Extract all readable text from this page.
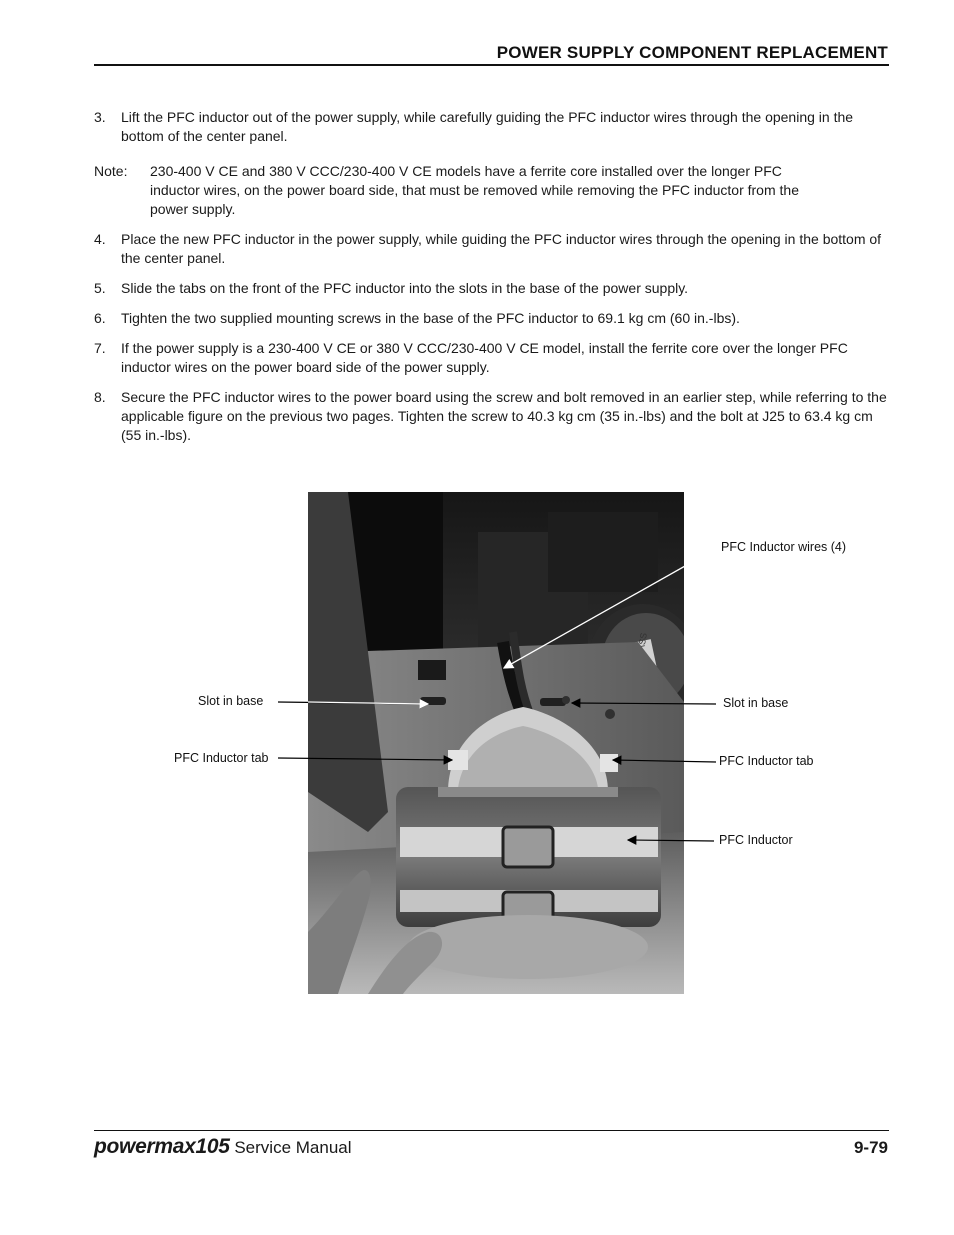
POWER SUPPLY COMPONENT REPLACEMENT
3. Lift the PFC inductor out of the power supply, while carefully guiding the PFC inductor wires through the opening in the bottom of the center panel.
Note: 230-400 V CE and 380 V CCC/230-400 V CE models have a ferrite core installed over the longer PFC inductor wires, on the power board side, that must be removed while removing the PFC inductor from the power supply.
4. Place the new PFC inductor in the power supply, while guiding the PFC inductor wires through the opening in the bottom of the center panel.
5. Slide the tabs on the front of the PFC inductor into the slots in the base of the power supply.
6. Tighten the two supplied mounting screws in the base of the PFC inductor to 69.1 kg cm (60 in.-lbs).
7. If the power supply is a 230-400 V CE or 380 V CCC/230-400 V CE model, install the ferrite core over the longer PFC inductor wires on the power board side of the power supply.
8. Secure the PFC inductor wires to the power board using the screw and bolt removed in an earlier step, while referring to the applicable figure on the previous two pages. Tighten the screw to 40.3 kg cm (35 in.-lbs) and the bolt at J25 to 63.4 kg cm (55 in.-lbs).
PFC Inductor wires (4)
Slot in base	Slot in base
PFC Inductor tab	PFC Inductor tab
PFC Inductor
powermax105 Service Manual	9-79
